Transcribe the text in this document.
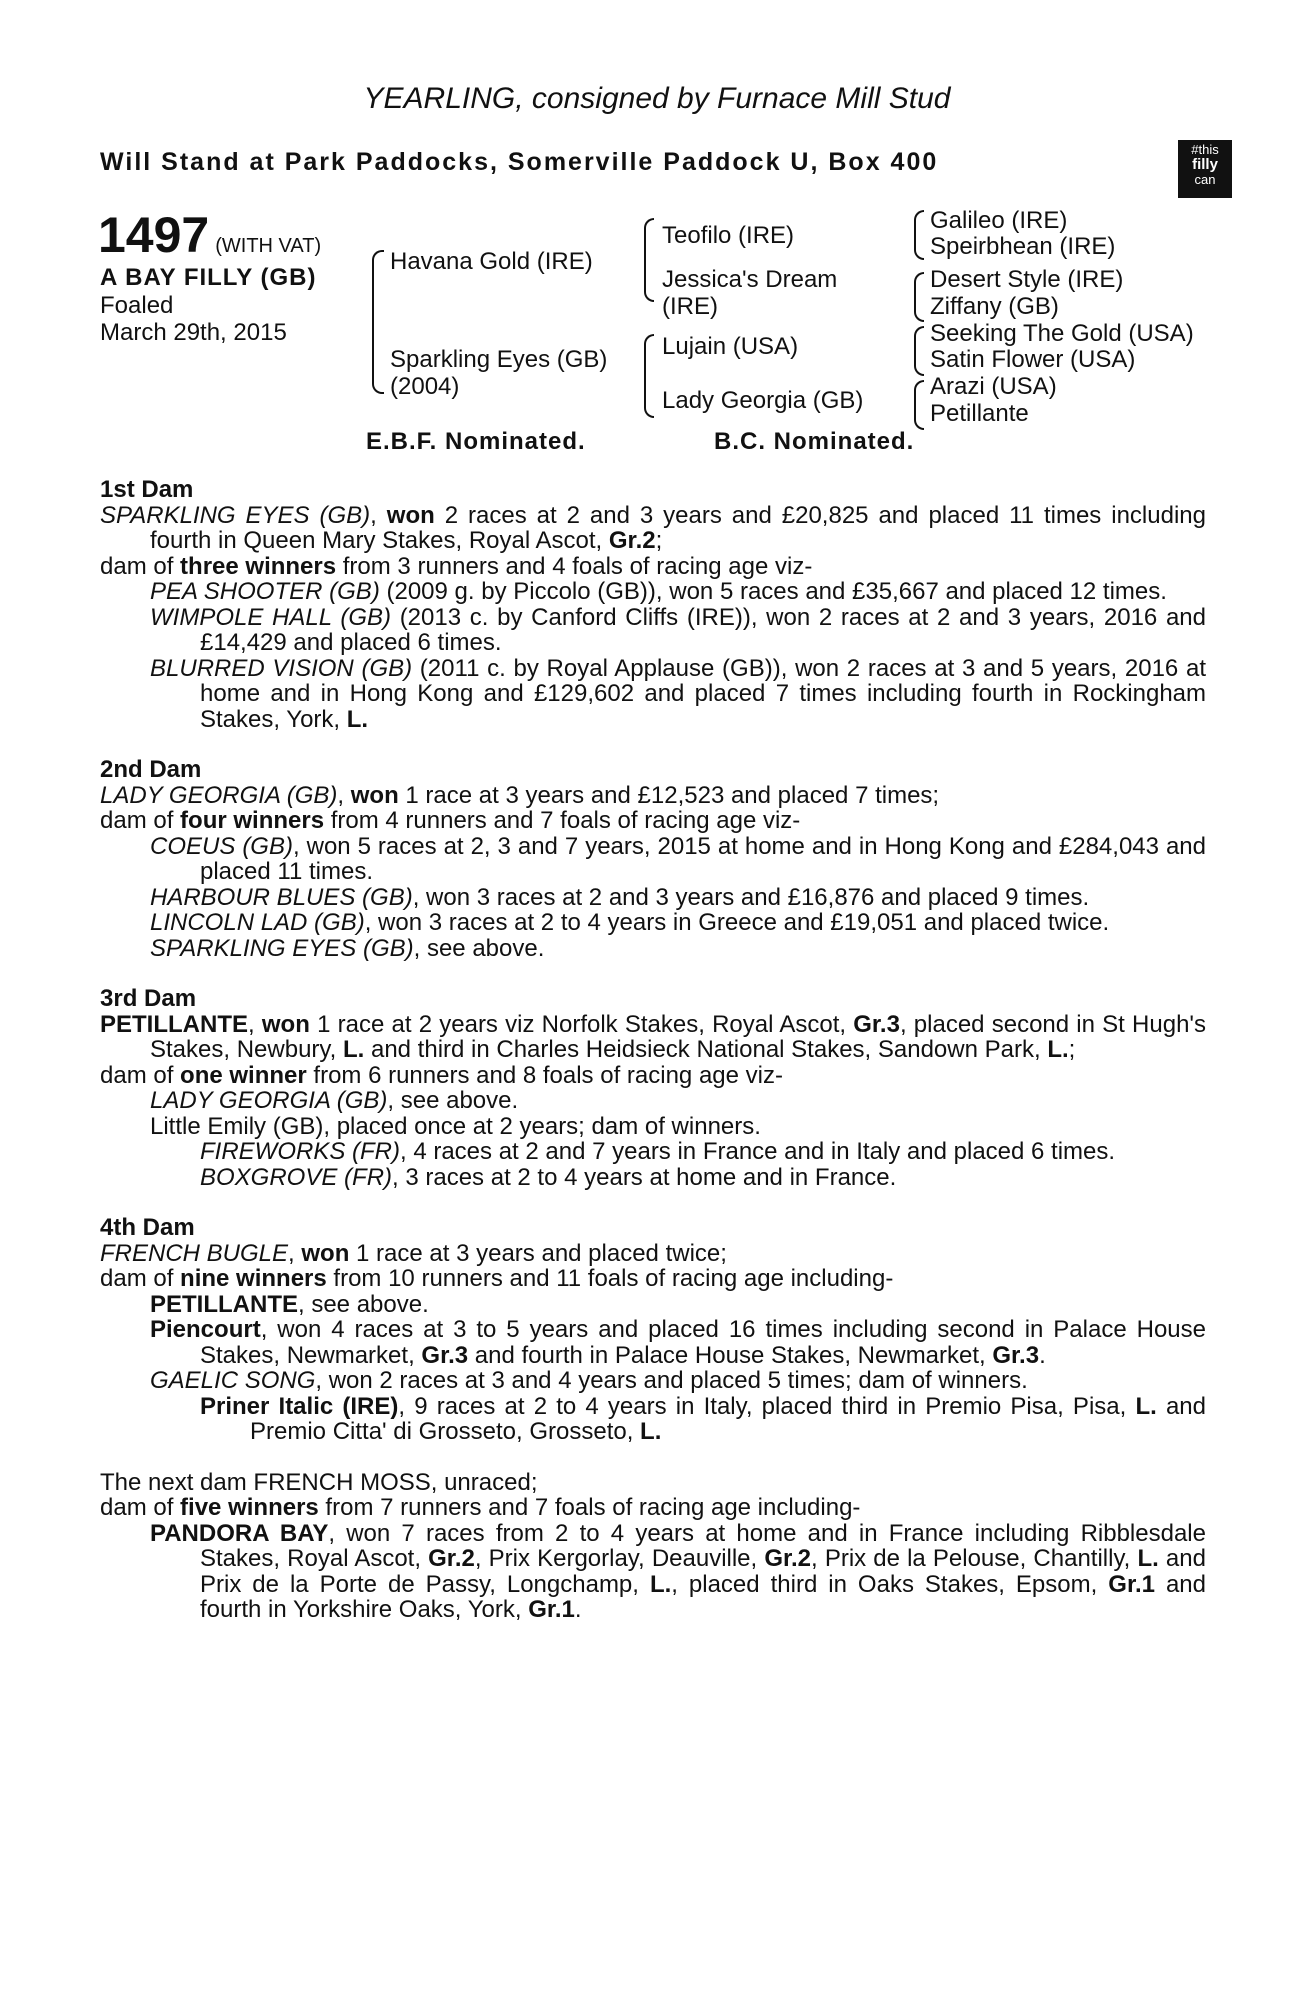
YEARLING, consigned by Furnace Mill Stud
Will Stand at Park Paddocks, Somerville Paddock U, Box 400	#this
filly
can
1497 (WITH VAT)
A BAY FILLY (GB)
Foaled
March 29th, 2015
Havana Gold (IRE)
Sparkling Eyes (GB)
(2004)
Teofilo (IRE)
Jessica's Dream
(IRE)
Lujain (USA)
Lady Georgia (GB)
Galileo (IRE)
Speirbhean (IRE)
Desert Style (IRE)
Ziffany (GB)
Seeking The Gold (USA)
Satin Flower (USA)
Arazi (USA)
Petillante
E.B.F. Nominated.	B.C. Nominated.

1st Dam

SPARKLING EYES (GB), won 2 races at 2 and 3 years and £20,825 and placed 11 times including fourth in Queen Mary Stakes, Royal Ascot, Gr.2;

dam of three winners from 3 runners and 4 foals of racing age viz-

PEA SHOOTER (GB) (2009 g. by Piccolo (GB)), won 5 races and £35,667 and placed 12 times.

WIMPOLE HALL (GB) (2013 c. by Canford Cliffs (IRE)), won 2 races at 2 and 3 years, 2016 and £14,429 and placed 6 times.

BLURRED VISION (GB) (2011 c. by Royal Applause (GB)), won 2 races at 3 and 5 years, 2016 at home and in Hong Kong and £129,602 and placed 7 times including fourth in Rockingham Stakes, York, L.

2nd Dam

LADY GEORGIA (GB), won 1 race at 3 years and £12,523 and placed 7 times;

dam of four winners from 4 runners and 7 foals of racing age viz-

COEUS (GB), won 5 races at 2, 3 and 7 years, 2015 at home and in Hong Kong and £284,043 and placed 11 times.

HARBOUR BLUES (GB), won 3 races at 2 and 3 years and £16,876 and placed 9 times.

LINCOLN LAD (GB), won 3 races at 2 to 4 years in Greece and £19,051 and placed twice.

SPARKLING EYES (GB), see above.

3rd Dam

PETILLANTE, won 1 race at 2 years viz Norfolk Stakes, Royal Ascot, Gr.3, placed second in St Hugh's Stakes, Newbury, L. and third in Charles Heidsieck National Stakes, Sandown Park, L.;

dam of one winner from 6 runners and 8 foals of racing age viz-

LADY GEORGIA (GB), see above.

Little Emily (GB), placed once at 2 years; dam of winners.

FIREWORKS (FR), 4 races at 2 and 7 years in France and in Italy and placed 6 times.

BOXGROVE (FR), 3 races at 2 to 4 years at home and in France.

4th Dam

FRENCH BUGLE, won 1 race at 3 years and placed twice;

dam of nine winners from 10 runners and 11 foals of racing age including-

PETILLANTE, see above.

Piencourt, won 4 races at 3 to 5 years and placed 16 times including second in Palace House Stakes, Newmarket, Gr.3 and fourth in Palace House Stakes, Newmarket, Gr.3.

GAELIC SONG, won 2 races at 3 and 4 years and placed 5 times; dam of winners.

Priner Italic (IRE), 9 races at 2 to 4 years in Italy, placed third in Premio Pisa, Pisa, L. and Premio Citta' di Grosseto, Grosseto, L.

The next dam FRENCH MOSS, unraced;

dam of five winners from 7 runners and 7 foals of racing age including-

PANDORA BAY, won 7 races from 2 to 4 years at home and in France including Ribblesdale Stakes, Royal Ascot, Gr.2, Prix Kergorlay, Deauville, Gr.2, Prix de la Pelouse, Chantilly, L. and Prix de la Porte de Passy, Longchamp, L., placed third in Oaks Stakes, Epsom, Gr.1 and fourth in Yorkshire Oaks, York, Gr.1.
